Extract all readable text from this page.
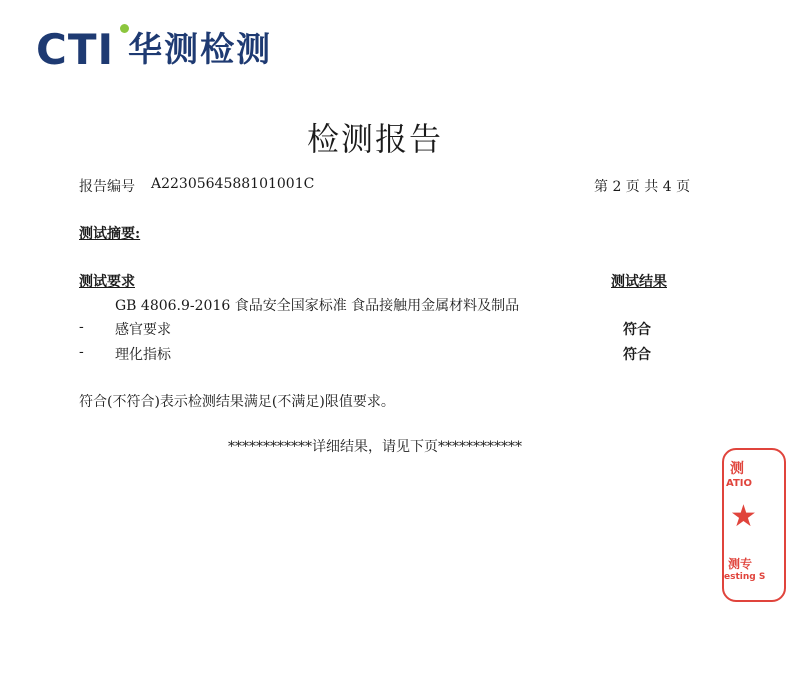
CTI 华测检测
检测报告
报告编号 A2230564588101001C	第 2 页 共 4 页
测试摘要:
测试要求	测试结果
GB 4806.9-2016 食品安全国家标准 食品接触用金属材料及制品
- 感官要求	符合
- 理化指标	符合
符合(不符合)表示检测结果满足(不满足)限值要求。
************详细结果，请见下页************
测
ATIO
★
测专
esting S
